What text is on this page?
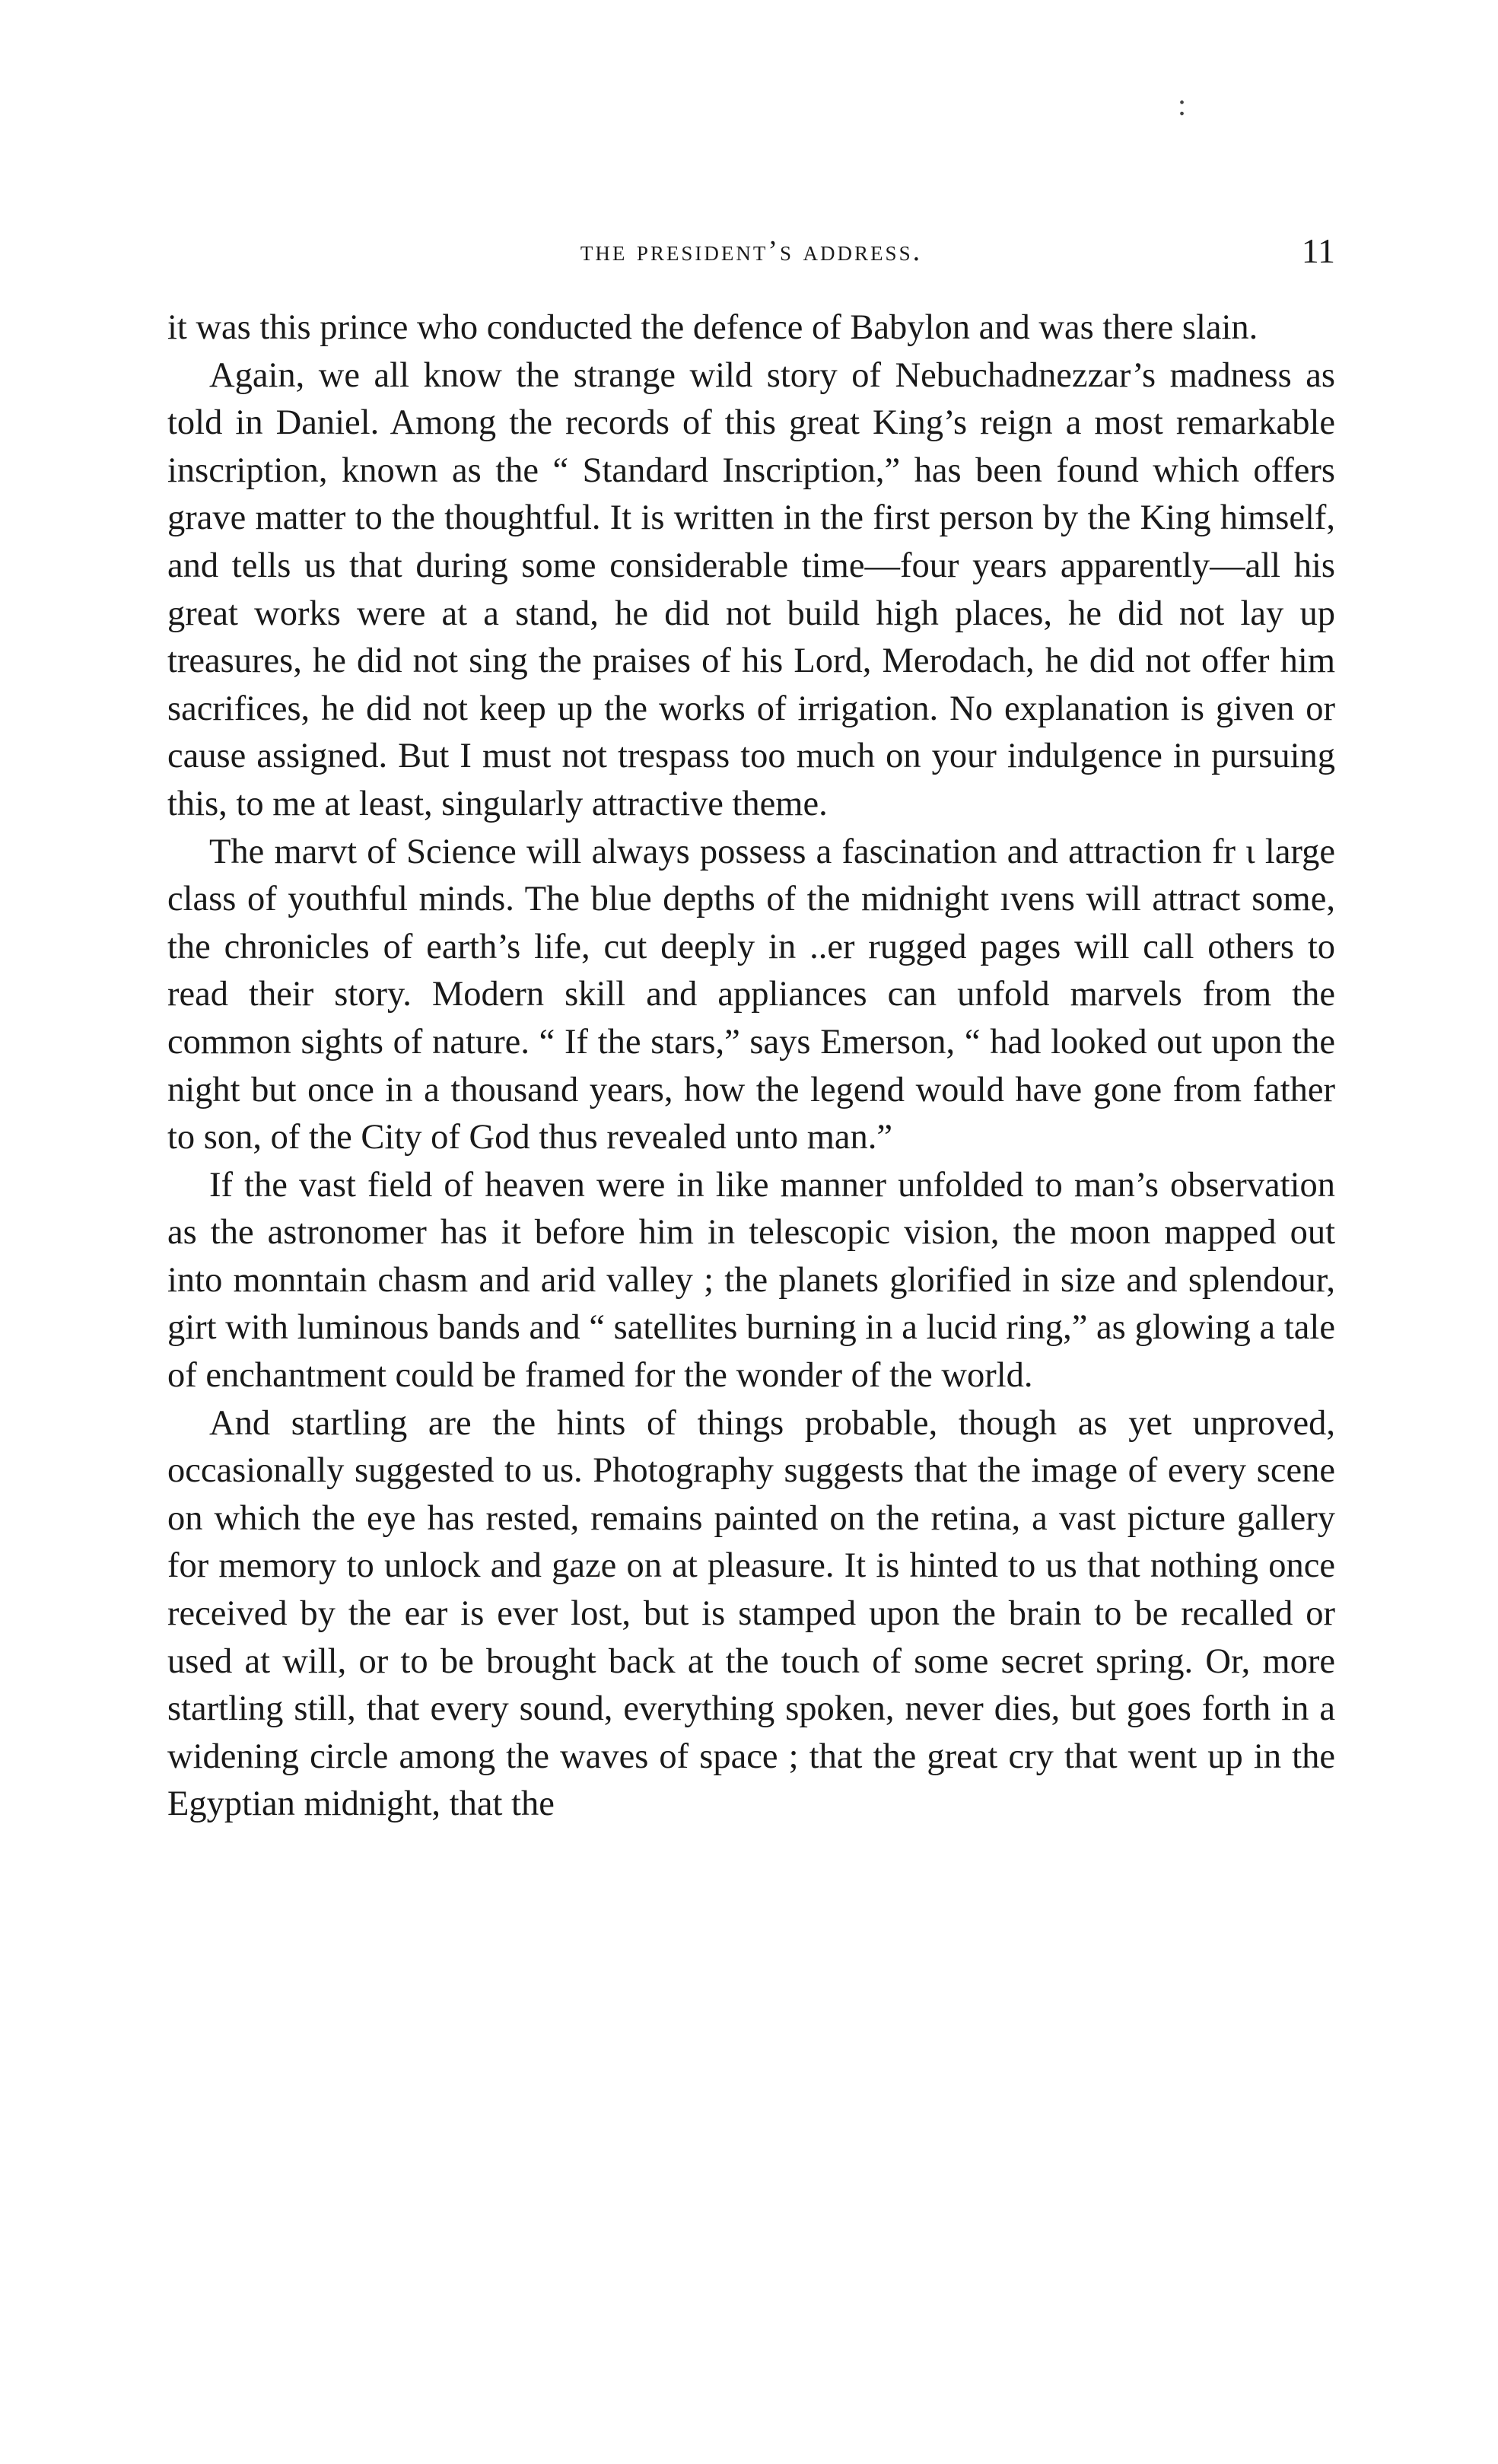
:
the president’s address.	11

it was this prince who conducted the defence of Babylon and was there slain.

Again, we all know the strange wild story of Nebuchadnezzar’s madness as told in Daniel. Among the records of this great King’s reign a most remarkable inscription, known as the “ Standard Inscription,” has been found which offers grave matter to the thoughtful. It is written in the first person by the King himself, and tells us that during some considerable time—four years apparently—all his great works were at a stand, he did not build high places, he did not lay up treasures, he did not sing the praises of his Lord, Merodach, he did not offer him sacrifices, he did not keep up the works of irrigation. No explanation is given or cause assigned. But I must not trespass too much on your indulgence in pursuing this, to me at least, singularly attractive theme.

The marvt of Science will always possess a fascination and attraction fr ι large class of youthful minds. The blue depths of the midnight ıvens will attract some, the chronicles of earth’s life, cut deeply in ..er rugged pages will call others to read their story. Modern skill and appliances can unfold marvels from the common sights of nature. “ If the stars,” says Emerson, “ had looked out upon the night but once in a thousand years, how the legend would have gone from father to son, of the City of God thus revealed unto man.”

If the vast field of heaven were in like manner unfolded to man’s observation as the astronomer has it before him in telescopic vision, the moon mapped out into monntain chasm and arid valley ; the planets glorified in size and splendour, girt with luminous bands and “ satellites burning in a lucid ring,” as glowing a tale of enchantment could be framed for the wonder of the world.

And startling are the hints of things probable, though as yet unproved, occasionally suggested to us. Photography suggests that the image of every scene on which the eye has rested, remains painted on the retina, a vast picture gallery for memory to unlock and gaze on at pleasure. It is hinted to us that nothing once received by the ear is ever lost, but is stamped upon the brain to be recalled or used at will, or to be brought back at the touch of some secret spring. Or, more startling still, that every sound, everything spoken, never dies, but goes forth in a widening circle among the waves of space ; that the great cry that went up in the Egyptian midnight, that the
